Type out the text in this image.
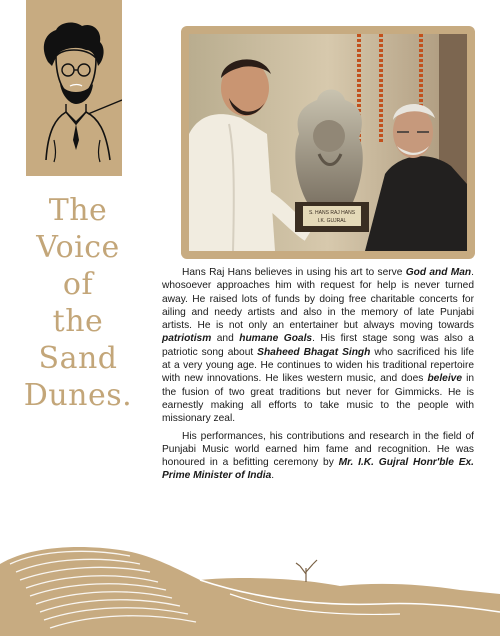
The
Voice
of
the
Sand
Dunes.
S. HANS RAJ HANS
I.K. GUJRAL

Hans Raj Hans believes in using his art to serve God and Man. whosoever approaches him with request for help is never turned away. He raised lots of funds by doing free charitable concerts for ailing and needy artists and also in the memory of late Punjabi artists. He is not only an entertainer but always moving towards patriotism and humane Goals. His first stage song was also a patriotic song about Shaheed Bhagat Singh who sacrificed his life at a very young age. He continues to widen his traditional repertoire with new innovations. He likes western music, and does beleive in the fusion of two great traditions but never for Gimmicks. He is earnestly making all efforts to take music to the people with missionary zeal.

His performances, his contributions and research in the field of Punjabi Music world earned him fame and recognition. He was honoured in a befitting ceremony by Mr. I.K. Gujral Honr'ble Ex. Prime Minister of India.
